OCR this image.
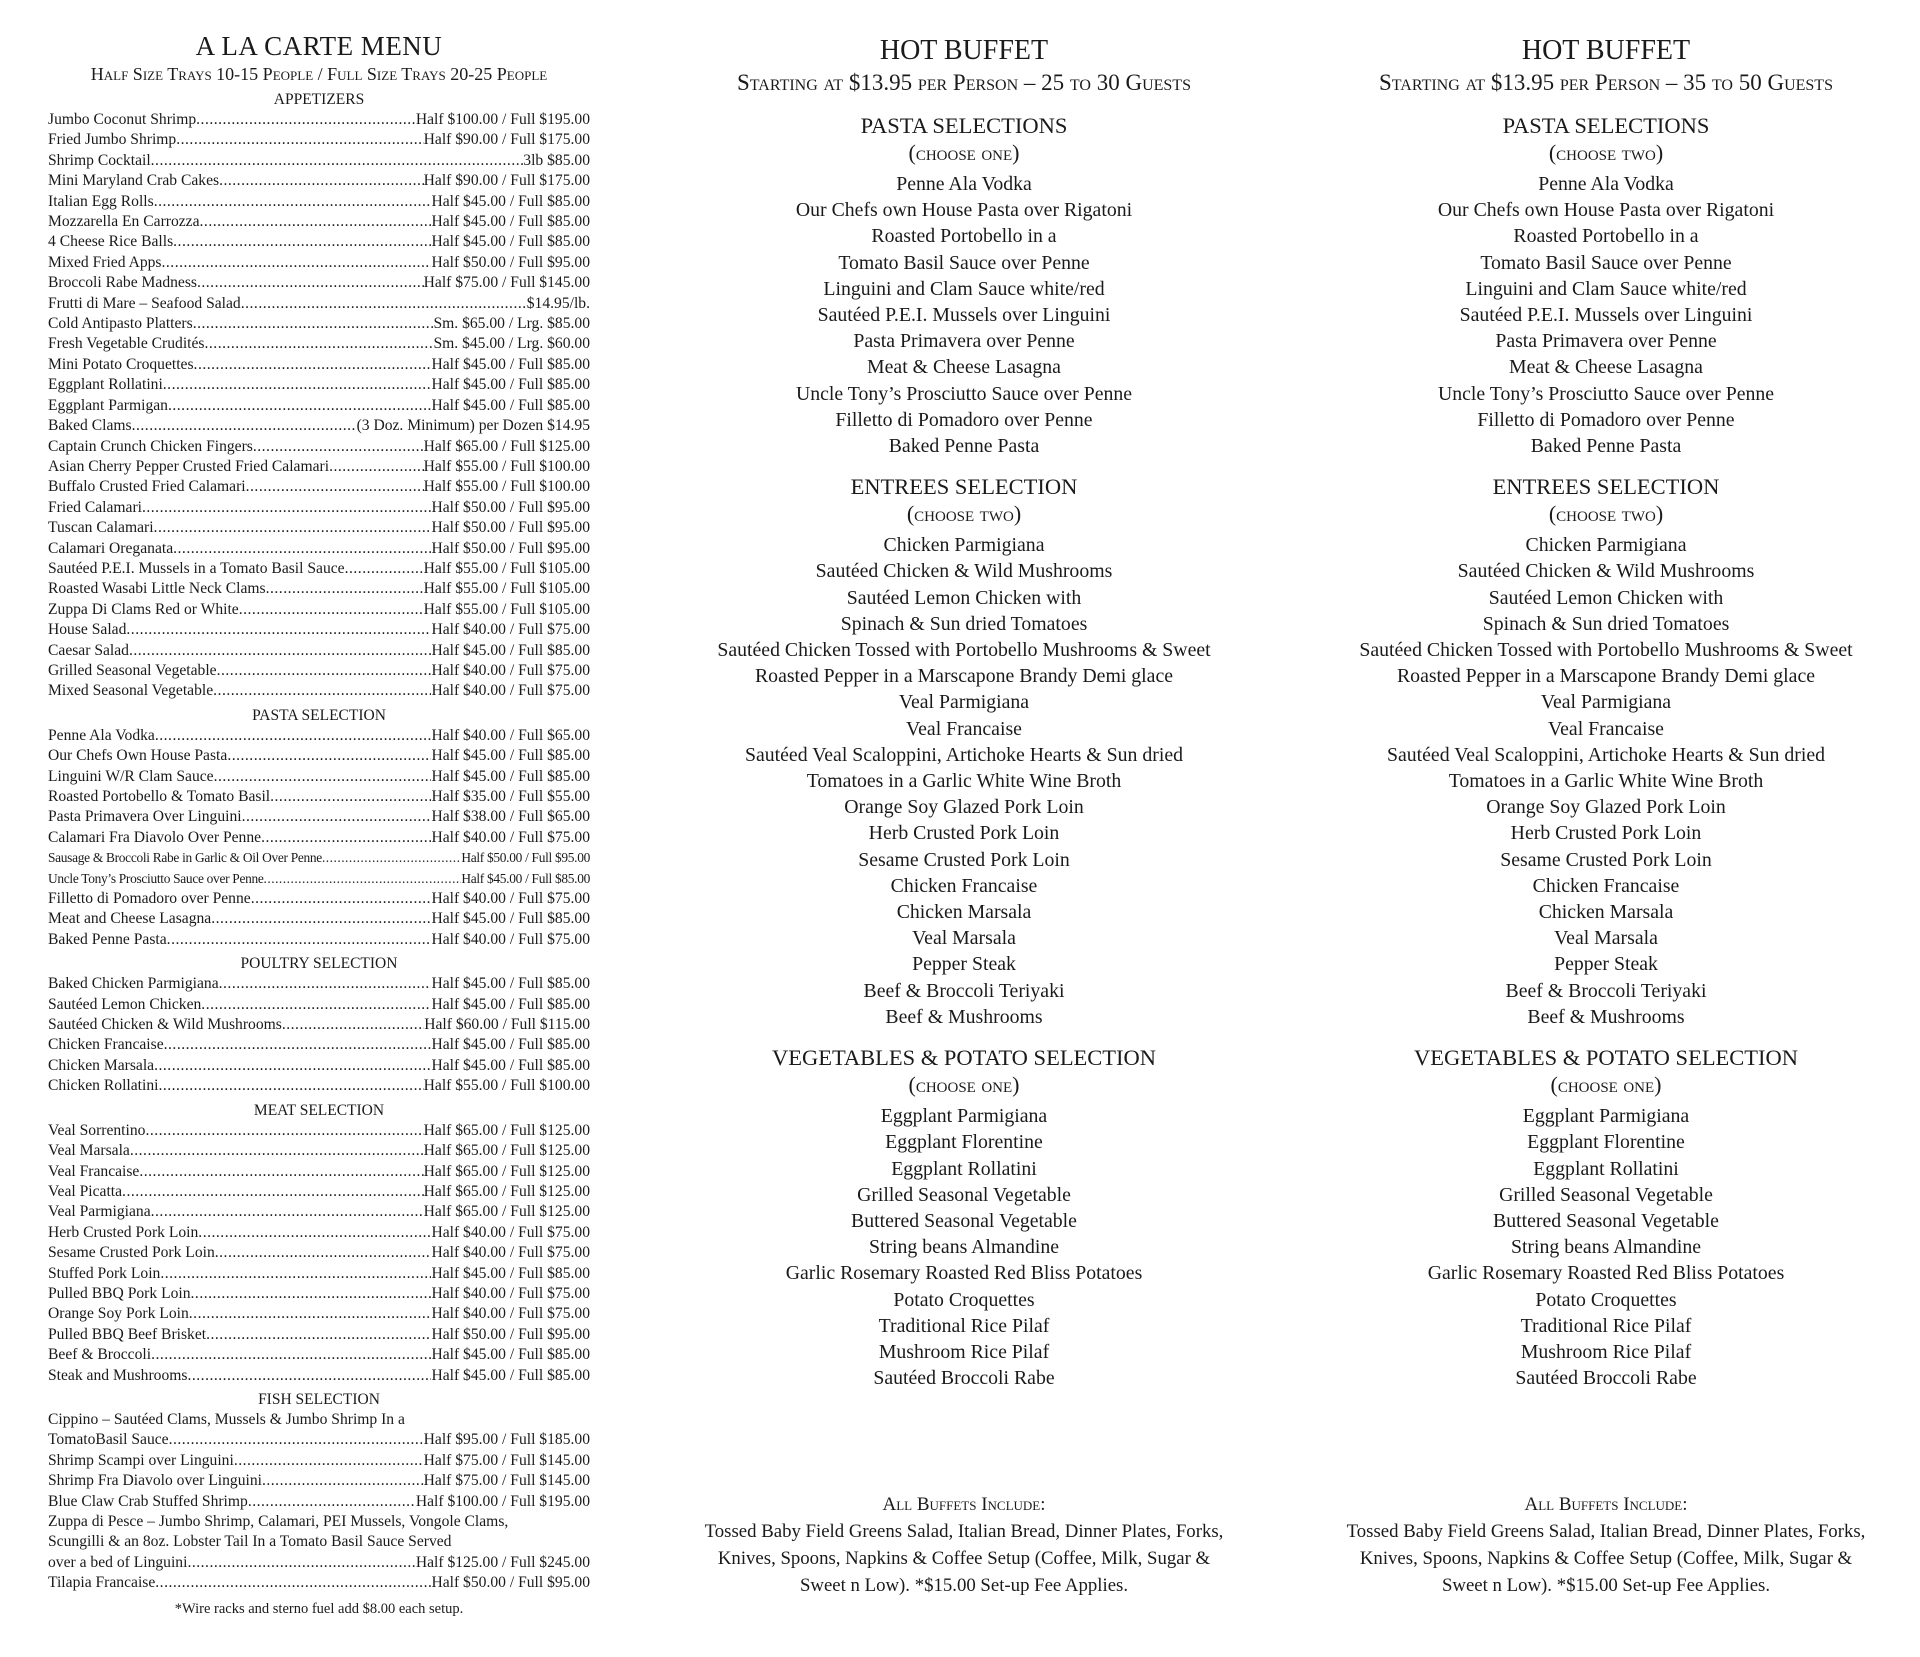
A LA CARTE MENU
Half Size Trays 10-15 People / Full Size Trays 20-25 People
APPETIZERS
Jumbo Coconut Shrimp .....	Half $100.00 / Full $195.00
Fried Jumbo Shrimp .....	Half $90.00 / Full $175.00
Shrimp Cocktail .....	3lb $85.00
Mini Maryland Crab Cakes .....	Half $90.00 / Full $175.00
Italian Egg Rolls .....	Half $45.00 / Full $85.00
Mozzarella En Carrozza .....	Half $45.00 / Full $85.00
4 Cheese Rice Balls .....	Half $45.00 / Full $85.00
Mixed Fried Apps .....	Half $50.00 / Full $95.00
Broccoli Rabe Madness .....	Half $75.00 / Full $145.00
Frutti di Mare – Seafood Salad .....	$14.95/lb.
Cold Antipasto Platters .....	Sm. $65.00 / Lrg. $85.00
Fresh Vegetable Crudités .....	Sm. $45.00 / Lrg. $60.00
Mini Potato Croquettes .....	Half $45.00 / Full $85.00
Eggplant Rollatini .....	Half $45.00 / Full $85.00
Eggplant Parmigan .....	Half $45.00 / Full $85.00
Baked Clams .....	(3 Doz. Minimum) per Dozen $14.95
Captain Crunch Chicken Fingers .....	Half $65.00 / Full $125.00
Asian Cherry Pepper Crusted Fried Calamari .....	Half $55.00 / Full $100.00
Buffalo Crusted Fried Calamari .....	Half $55.00 / Full $100.00
Fried Calamari .....	Half $50.00 / Full $95.00
Tuscan Calamari .....	Half $50.00 / Full $95.00
Calamari Oreganata .....	Half $50.00 / Full $95.00
Sautéed P.E.I. Mussels in a Tomato Basil Sauce .....	Half $55.00 / Full $105.00
Roasted Wasabi Little Neck Clams .....	Half $55.00 / Full $105.00
Zuppa Di Clams Red or White .....	Half $55.00 / Full $105.00
House Salad .....	Half $40.00 / Full $75.00
Caesar Salad .....	Half $45.00 / Full $85.00
Grilled Seasonal Vegetable .....	Half $40.00 / Full $75.00
Mixed Seasonal Vegetable .....	Half $40.00 / Full $75.00
PASTA SELECTION
Penne Ala Vodka .....	Half $40.00 / Full $65.00
Our Chefs Own House Pasta .....	Half $45.00 / Full $85.00
Linguini W/R Clam Sauce .....	Half $45.00 / Full $85.00
Roasted Portobello & Tomato Basil .....	Half $35.00 / Full $55.00
Pasta Primavera Over Linguini .....	Half $38.00 / Full $65.00
Calamari Fra Diavolo Over Penne .....	Half $40.00 / Full $75.00
Sausage & Broccoli Rabe in Garlic & Oil Over Penne .....	Half $50.00 / Full $95.00
Uncle Tony’s Prosciutto Sauce over Penne .....	Half $45.00 / Full $85.00
Filletto di Pomadoro over Penne .....	Half $40.00 / Full $75.00
Meat and Cheese Lasagna .....	Half $45.00 / Full $85.00
Baked Penne Pasta .....	Half $40.00 / Full $75.00
POULTRY SELECTION
Baked Chicken Parmigiana .....	Half $45.00 / Full $85.00
Sautéed Lemon Chicken .....	Half $45.00 / Full $85.00
Sautéed Chicken & Wild Mushrooms .....	Half $60.00 / Full $115.00
Chicken Francaise .....	Half $45.00 / Full $85.00
Chicken Marsala .....	Half $45.00 / Full $85.00
Chicken Rollatini .....	Half $55.00 / Full $100.00
MEAT SELECTION
Veal Sorrentino .....	Half $65.00 / Full $125.00
Veal Marsala .....	Half $65.00 / Full $125.00
Veal Francaise .....	Half $65.00 / Full $125.00
Veal Picatta .....	Half $65.00 / Full $125.00
Veal Parmigiana .....	Half $65.00 / Full $125.00
Herb Crusted Pork Loin .....	Half $40.00 / Full $75.00
Sesame Crusted Pork Loin .....	Half $40.00 / Full $75.00
Stuffed Pork Loin .....	Half $45.00 / Full $85.00
Pulled BBQ Pork Loin .....	Half $40.00 / Full $75.00
Orange Soy Pork Loin .....	Half $40.00 / Full $75.00
Pulled BBQ Beef Brisket .....	Half $50.00 / Full $95.00
Beef & Broccoli .....	Half $45.00 / Full $85.00
Steak and Mushrooms .....	Half $45.00 / Full $85.00
FISH SELECTION
Cippino – Sautéed Clams, Mussels & Jumbo Shrimp In a
TomatoBasil Sauce .....	Half $95.00 / Full $185.00
Shrimp Scampi over Linguini .....	Half $75.00 / Full $145.00
Shrimp Fra Diavolo over Linguini .....	Half $75.00 / Full $145.00
Blue Claw Crab Stuffed Shrimp .....	Half $100.00 / Full $195.00
Zuppa di Pesce – Jumbo Shrimp, Calamari, PEI Mussels, Vongole Clams,
Scungilli & an 8oz. Lobster Tail In a Tomato Basil Sauce Served
over a bed of Linguini .....	Half $125.00 / Full $245.00
Tilapia Francaise .....	Half $50.00 / Full $95.00
*Wire racks and sterno fuel add $8.00 each setup.
HOT BUFFET
Starting at $13.95 per Person – 25 to 30 Guests
PASTA SELECTIONS
(choose one)
Penne Ala Vodka
Our Chefs own House Pasta over Rigatoni
Roasted Portobello in a
Tomato Basil Sauce over Penne
Linguini and Clam Sauce white/red
Sautéed P.E.I. Mussels over Linguini
Pasta Primavera over Penne
Meat & Cheese Lasagna
Uncle Tony’s Prosciutto Sauce over Penne
Filletto di Pomadoro over Penne
Baked Penne Pasta
ENTREES SELECTION
(choose two)
Chicken Parmigiana
Sautéed Chicken & Wild Mushrooms
Sautéed Lemon Chicken with
Spinach & Sun dried Tomatoes
Sautéed Chicken Tossed with Portobello Mushrooms & Sweet
Roasted Pepper in a Marscapone Brandy Demi glace
Veal Parmigiana
Veal Francaise
Sautéed Veal Scaloppini, Artichoke Hearts & Sun dried
Tomatoes in a Garlic White Wine Broth
Orange Soy Glazed Pork Loin
Herb Crusted Pork Loin
Sesame Crusted Pork Loin
Chicken Francaise
Chicken Marsala
Veal Marsala
Pepper Steak
Beef & Broccoli Teriyaki
Beef & Mushrooms
VEGETABLES & POTATO SELECTION
(choose one)
Eggplant Parmigiana
Eggplant Florentine
Eggplant Rollatini
Grilled Seasonal Vegetable
Buttered Seasonal Vegetable
String beans Almandine
Garlic Rosemary Roasted Red Bliss Potatoes
Potato Croquettes
Traditional Rice Pilaf
Mushroom Rice Pilaf
Sautéed Broccoli Rabe
All Buffets Include:
Tossed Baby Field Greens Salad, Italian Bread, Dinner Plates, Forks,
Knives, Spoons, Napkins & Coffee Setup (Coffee, Milk, Sugar &
Sweet n Low). *$15.00 Set-up Fee Applies.
HOT BUFFET
Starting at $13.95 per Person – 35 to 50 Guests
PASTA SELECTIONS
(choose two)
Penne Ala Vodka
Our Chefs own House Pasta over Rigatoni
Roasted Portobello in a
Tomato Basil Sauce over Penne
Linguini and Clam Sauce white/red
Sautéed P.E.I. Mussels over Linguini
Pasta Primavera over Penne
Meat & Cheese Lasagna
Uncle Tony’s Prosciutto Sauce over Penne
Filletto di Pomadoro over Penne
Baked Penne Pasta
ENTREES SELECTION
(choose two)
Chicken Parmigiana
Sautéed Chicken & Wild Mushrooms
Sautéed Lemon Chicken with
Spinach & Sun dried Tomatoes
Sautéed Chicken Tossed with Portobello Mushrooms & Sweet
Roasted Pepper in a Marscapone Brandy Demi glace
Veal Parmigiana
Veal Francaise
Sautéed Veal Scaloppini, Artichoke Hearts & Sun dried
Tomatoes in a Garlic White Wine Broth
Orange Soy Glazed Pork Loin
Herb Crusted Pork Loin
Sesame Crusted Pork Loin
Chicken Francaise
Chicken Marsala
Veal Marsala
Pepper Steak
Beef & Broccoli Teriyaki
Beef & Mushrooms
VEGETABLES & POTATO SELECTION
(choose one)
Eggplant Parmigiana
Eggplant Florentine
Eggplant Rollatini
Grilled Seasonal Vegetable
Buttered Seasonal Vegetable
String beans Almandine
Garlic Rosemary Roasted Red Bliss Potatoes
Potato Croquettes
Traditional Rice Pilaf
Mushroom Rice Pilaf
Sautéed Broccoli Rabe
All Buffets Include:
Tossed Baby Field Greens Salad, Italian Bread, Dinner Plates, Forks,
Knives, Spoons, Napkins & Coffee Setup (Coffee, Milk, Sugar &
Sweet n Low). *$15.00 Set-up Fee Applies.
